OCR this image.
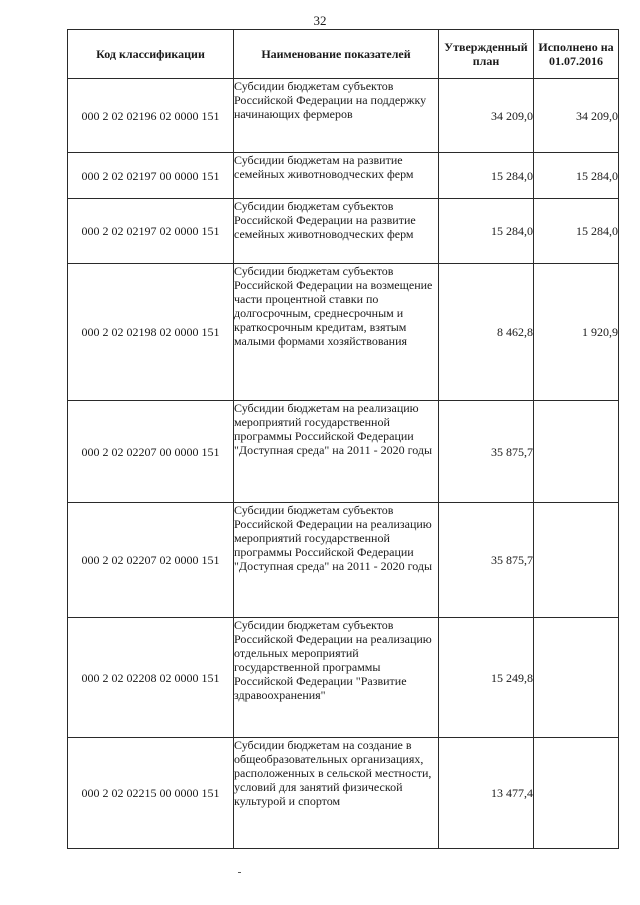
32
Код классификации	Наименование показателей	Утвержденный план	Исполнено на 01.07.2016
000 2 02 02196 02 0000 151	Субсидии бюджетам субъектов Российской Федерации на поддержку начинающих фермеров	34 209,0	34 209,0
000 2 02 02197 00 0000 151	Субсидии бюджетам на развитие семейных животноводческих ферм	15 284,0	15 284,0
000 2 02 02197 02 0000 151	Субсидии бюджетам субъектов Российской Федерации на развитие семейных животноводческих ферм	15 284,0	15 284,0
000 2 02 02198 02 0000 151	Субсидии бюджетам субъектов Российской Федерации на возмещение части процентной ставки по долгосрочным, среднесрочным и краткосрочным кредитам, взятым малыми формами хозяйствования	8 462,8	1 920,9
000 2 02 02207 00 0000 151	Субсидии бюджетам на реализацию мероприятий государственной программы Российской Федерации "Доступная среда" на 2011 - 2020 годы	35 875,7	
000 2 02 02207 02 0000 151	Субсидии бюджетам субъектов Российской Федерации на реализацию мероприятий государственной программы Российской Федерации "Доступная среда" на 2011 - 2020 годы	35 875,7	
000 2 02 02208 02 0000 151	Субсидии бюджетам субъектов Российской Федерации на реализацию отдельных мероприятий государственной программы Российской Федерации "Развитие здравоохранения"	15 249,8	
000 2 02 02215 00 0000 151	Субсидии бюджетам на создание в общеобразовательных организациях, расположенных в сельской местности, условий для занятий физической культурой и спортом	13 477,4	
